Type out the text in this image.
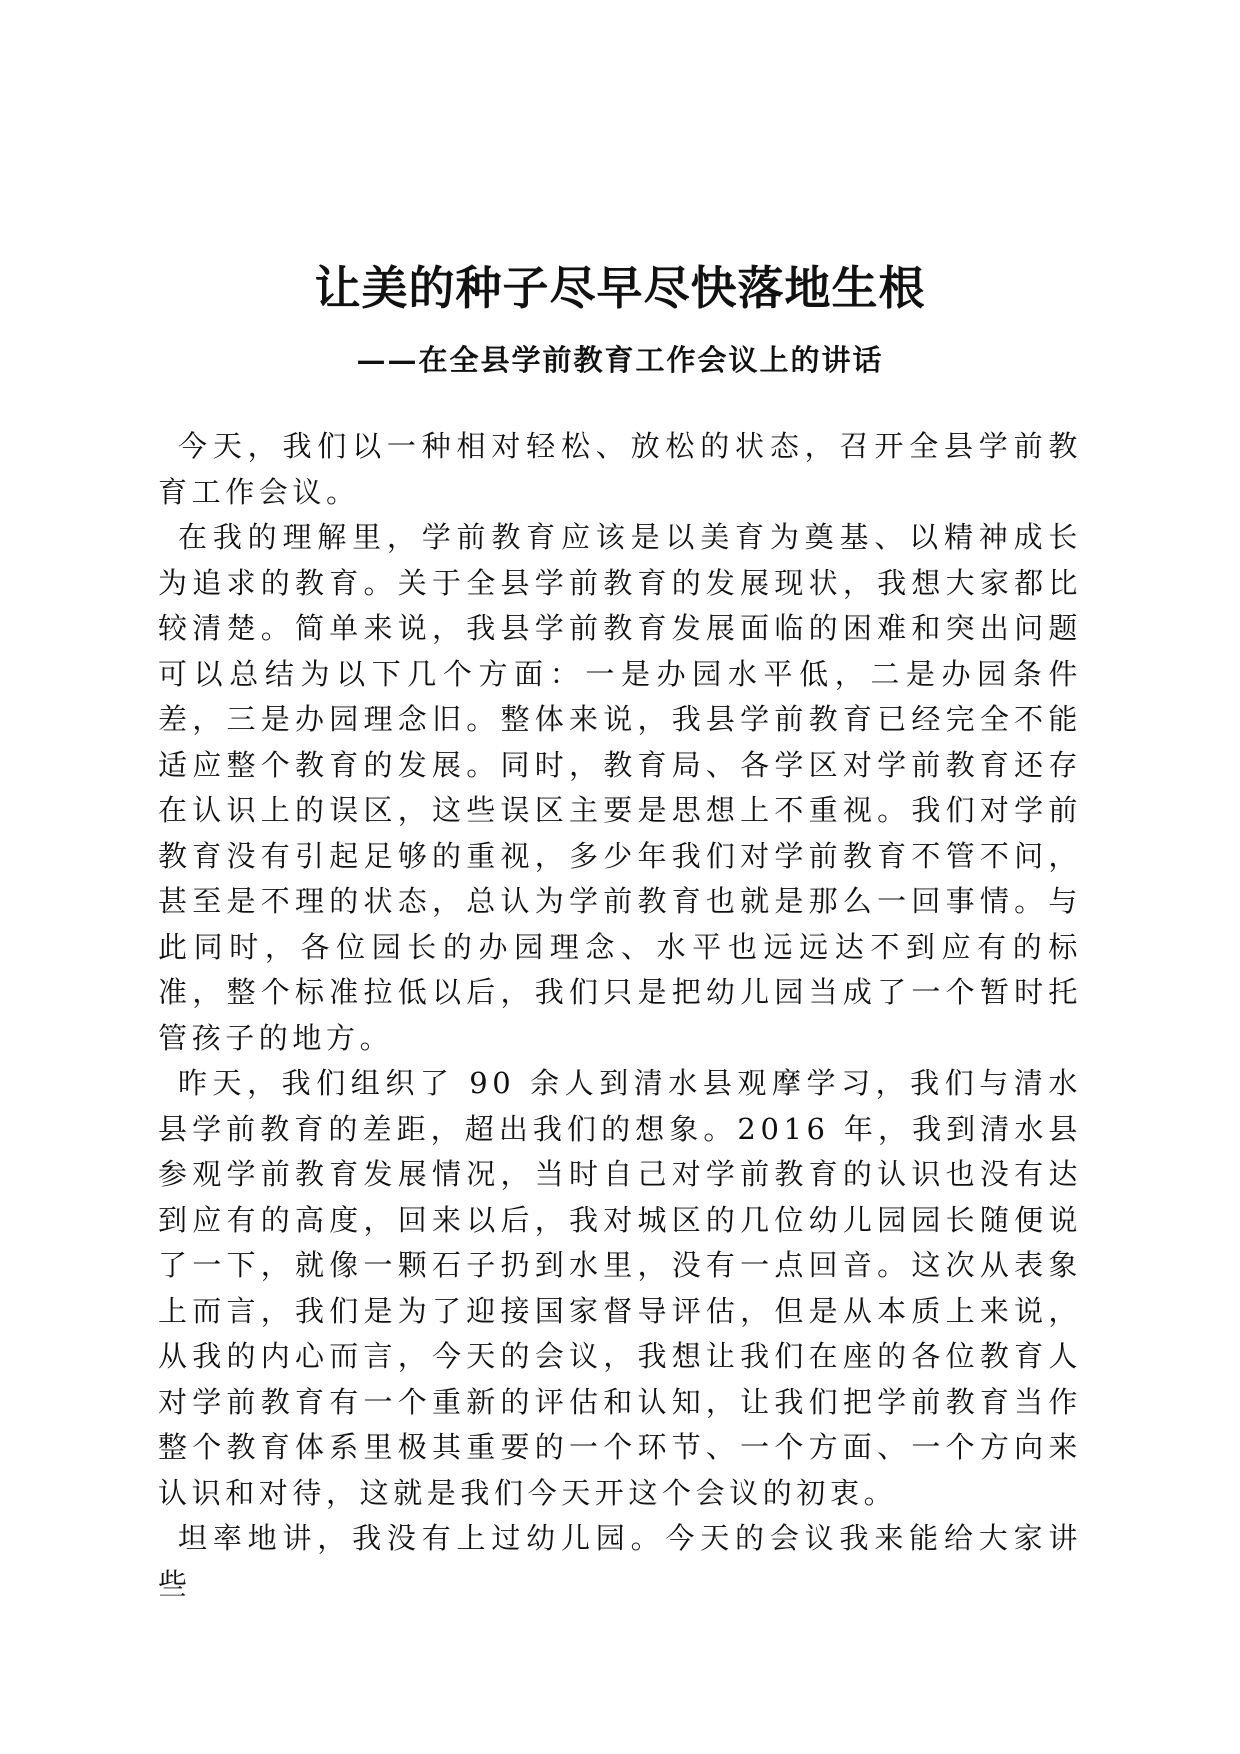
让美的种子尽早尽快落地生根
——在全县学前教育工作会议上的讲话

今天，我们以一种相对轻松、放松的状态，召开全县学前教育工作会议。

在我的理解里，学前教育应该是以美育为奠基、以精神成长为追求的教育。关于全县学前教育的发展现状，我想大家都比较清楚。简单来说，我县学前教育发展面临的困难和突出问题可以总结为以下几个方面：一是办园水平低，二是办园条件差，三是办园理念旧。整体来说，我县学前教育已经完全不能适应整个教育的发展。同时，教育局、各学区对学前教育还存在认识上的误区，这些误区主要是思想上不重视。我们对学前教育没有引起足够的重视，多少年我们对学前教育不管不问，甚至是不理的状态，总认为学前教育也就是那么一回事情。与此同时，各位园长的办园理念、水平也远远达不到应有的标准，整个标准拉低以后，我们只是把幼儿园当成了一个暂时托管孩子的地方。

昨天，我们组织了 90 余人到清水县观摩学习，我们与清水县学前教育的差距，超出我们的想象。2016 年，我到清水县参观学前教育发展情况，当时自己对学前教育的认识也没有达到应有的高度，回来以后，我对城区的几位幼儿园园长随便说了一下，就像一颗石子扔到水里，没有一点回音。这次从表象上而言，我们是为了迎接国家督导评估，但是从本质上来说，从我的内心而言，今天的会议，我想让我们在座的各位教育人对学前教育有一个重新的评估和认知，让我们把学前教育当作整个教育体系里极其重要的一个环节、一个方面、一个方向来认识和对待，这就是我们今天开这个会议的初衷。

坦率地讲，我没有上过幼儿园。今天的会议我来能给大家讲些
